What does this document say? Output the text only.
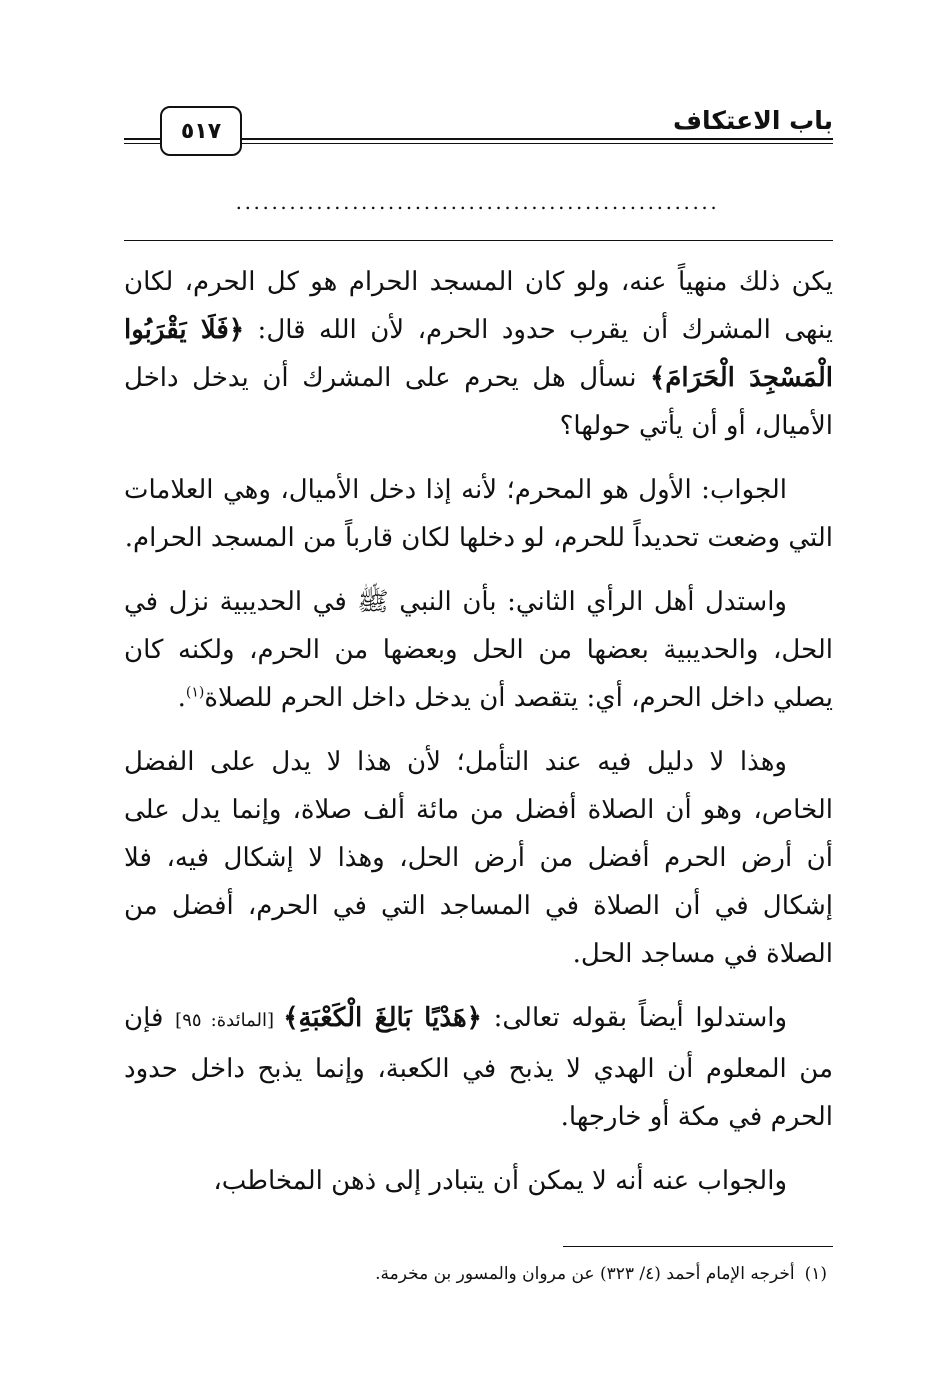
باب الاعتكاف
٥١٧
......................................................

يكن ذلك منهياً عنه، ولو كان المسجد الحرام هو كل الحرم، لكان ينهى المشرك أن يقرب حدود الحرم، لأن الله قال: ﴿فَلَا يَقْرَبُوا الْمَسْجِدَ الْحَرَامَ﴾ نسأل هل يحرم على المشرك أن يدخل داخل الأميال، أو أن يأتي حولها؟

الجواب: الأول هو المحرم؛ لأنه إذا دخل الأميال، وهي العلامات التي وضعت تحديداً للحرم، لو دخلها لكان قارباً من المسجد الحرام.

واستدل أهل الرأي الثاني: بأن النبي ﷺ في الحديبية نزل في الحل، والحديبية بعضها من الحل وبعضها من الحرم، ولكنه كان يصلي داخل الحرم، أي: يتقصد أن يدخل داخل الحرم للصلاة$^{(١)}$.

وهذا لا دليل فيه عند التأمل؛ لأن هذا لا يدل على الفضل الخاص، وهو أن الصلاة أفضل من مائة ألف صلاة، وإنما يدل على أن أرض الحرم أفضل من أرض الحل، وهذا لا إشكال فيه، فلا إشكال في أن الصلاة في المساجد التي في الحرم، أفضل من الصلاة في مساجد الحل.

واستدلوا أيضاً بقوله تعالى: ﴿هَدْيًا بَالِغَ الْكَعْبَةِ﴾ [المائدة: ٩٥] فإن من المعلوم أن الهدي لا يذبح في الكعبة، وإنما يذبح داخل حدود الحرم في مكة أو خارجها.

والجواب عنه أنه لا يمكن أن يتبادر إلى ذهن المخاطب،

(١)أخرجه الإمام أحمد (٤/ ٣٢٣) عن مروان والمسور بن مخرمة.
